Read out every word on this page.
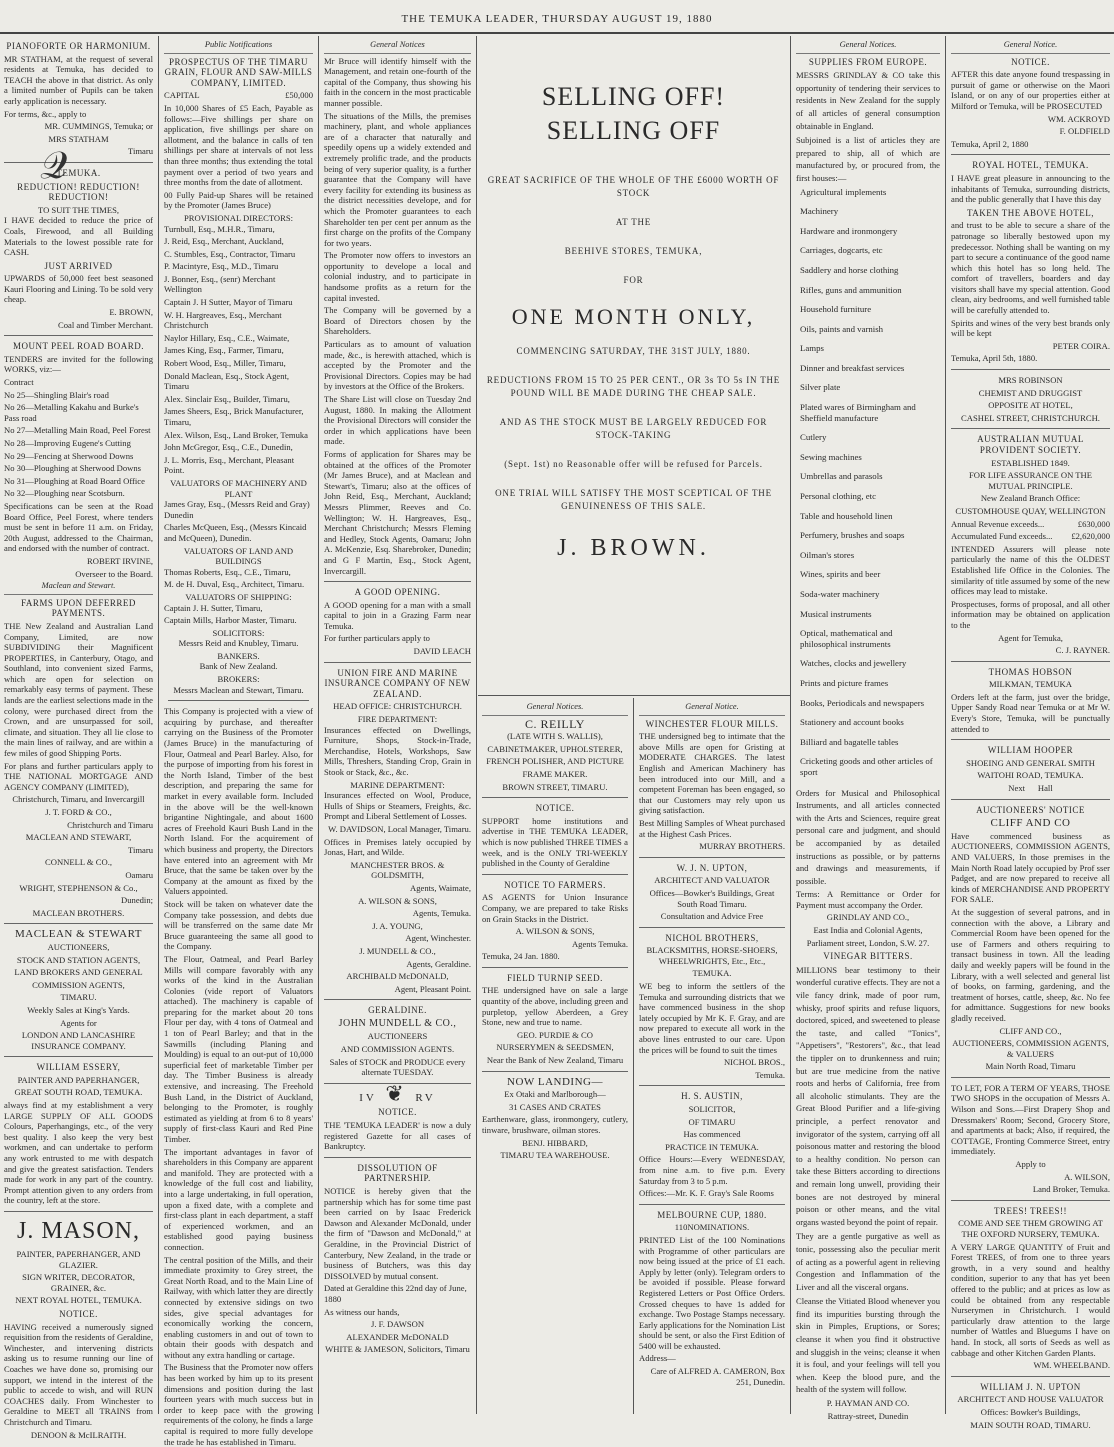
THE TEMUKA LEADER, THURSDAY AUGUST 19, 1880
PIANOFORTE OR HARMONIUM.

MR STATHAM, at the request of several residents at Temuka, has decided to TEACH the above in that district. As only a limited number of Pupils can be taken early application is necessary.

For terms, &c., apply to

MR. CUMMINGS, Temuka; or

MRS STATHAM

Timaru

𝒬
TEMUKA.
REDUCTION! REDUCTION! REDUCTION!
TO SUIT THE TIMES,

I HAVE decided to reduce the price of Coals, Firewood, and all Building Materials to the lowest possible rate for CASH.

JUST ARRIVED

UPWARDS of 50,000 feet best seasoned Kauri Flooring and Lining. To be sold very cheap.

E. BROWN,

Coal and Timber Merchant.

MOUNT PEEL ROAD BOARD.

TENDERS are invited for the following WORKS, viz:—

Contract

No 25—Shingling Blair's road

No 26—Metalling Kakahu and Burke's Pass road

No 27—Metalling Main Road, Peel Forest

No 28—Improving Eugene's Cutting

No 29—Fencing at Sherwood Downs

No 30—Ploughing at Sherwood Downs

No 31—Ploughing at Road Board Office

No 32—Ploughing near Scotsburn.

Specifications can be seen at the Road Board Office, Peel Forest, where tenders must be sent in before 11 a.m. on Friday, 20th August, addressed to the Chairman, and endorsed with the number of contract.

ROBERT IRVINE,

Overseer to the Board.

Maclean and Stewart.
FARMS UPON DEFERRED PAYMENTS.

THE New Zealand and Australian Land Company, Limited, are now SUBDIVIDING their Magnificent PROPERTIES, in Canterbury, Otago, and Southland, into convenient sized Farms, which are open for selection on remarkably easy terms of payment. These lands are the earliest selections made in the colony, were purchased direct from the Crown, and are unsurpassed for soil, climate, and situation. They all lie close to the main lines of railway, and are within a few miles of good Shipping Ports.

For plans and further particulars apply to THE NATIONAL MORTGAGE AND AGENCY COMPANY (LIMITED),

Christchurch, Timaru, and Invercargill

J. T. FORD & CO.,

Christchurch and Timaru

MACLEAN AND STEWART,

Timaru

CONNELL & CO.,

Oamaru

WRIGHT, STEPHENSON & Co.,

Dunedin;

MACLEAN BROTHERS.

MACLEAN & STEWART

AUCTIONEERS,

STOCK AND STATION AGENTS,

LAND BROKERS AND GENERAL

COMMISSION AGENTS,

TIMARU.

Weekly Sales at King's Yards.

Agents for

LONDON AND LANCASHIRE INSURANCE COMPANY.

WILLIAM ESSERY,

PAINTER AND PAPERHANGER,

GREAT SOUTH ROAD, TEMUKA.

always find at my establishment a very LARGE SUPPLY OF ALL GOODS Colours, Paperhangings, etc., of the very best quality. I also keep the very best workmen, and can undertake to perform any work entrusted to me with despatch and give the greatest satisfaction. Tenders made for work in any part of the country. Prompt attention given to any orders from the country, left at the store.

J. MASON,

PAINTER, PAPERHANGER, AND GLAZIER.

SIGN WRITER, DECORATOR, GRAINER, &c.

NEXT ROYAL HOTEL, TEMUKA.

NOTICE.

HAVING received a numerously signed requisition from the residents of Geraldine, Winchester, and intervening districts asking us to resume running our line of Coaches we have done so, promising our support, we intend in the interest of the public to accede to wish, and will RUN COACHES daily. From Winchester to Geraldine to MEET all TRAINS from Christchurch and Timaru.

DENOON & McILRAITH.

Public Notifications
PROSPECTUS OF THE TIMARU GRAIN, FLOUR AND SAW-MILLS COMPANY, LIMITED.

CAPITAL	£50,000

In 10,000 Shares of £5 Each, Payable as follows:—Five shillings per share on application, five shillings per share on allotment, and the balance in calls of ten shillings per share at intervals of not less than three months; thus extending the total payment over a period of two years and three months from the date of allotment.

00 Fully Paid-up Shares will be retained by the Promoter (James Bruce)

PROVISIONAL DIRECTORS:

Turnbull, Esq., M.H.R., Timaru,

J. Reid, Esq., Merchant, Auckland,

C. Stumbles, Esq., Contractor, Timaru

P. Macintyre, Esq., M.D., Timaru

J. Bonner, Esq., (senr) Merchant Wellington

Captain J. H Sutter, Mayor of Timaru

W. H. Hargreaves, Esq., Merchant Christchurch

Naylor Hillary, Esq., C.E., Waimate,

James King, Esq., Farmer, Timaru,

Robert Wood, Esq., Miller, Timaru,

Donald Maclean, Esq., Stock Agent, Timaru

Alex. Sinclair Esq., Builder, Timaru,

James Sheers, Esq., Brick Manufacturer, Timaru,

Alex. Wilson, Esq., Land Broker, Temuka

John McGregor, Esq., C.E., Dunedin,

J. L. Morris, Esq., Merchant, Pleasant Point.

VALUATORS OF MACHINERY AND PLANT

James Gray, Esq., (Messrs Reid and Gray) Dunedin

Charles McQueen, Esq., (Messrs Kincaid and McQueen), Dunedin.

VALUATORS OF LAND AND BUILDINGS

Thomas Roberts, Esq., C.E., Timaru,

M. de H. Duval, Esq., Architect, Timaru.

VALUATORS OF SHIPPING:

Captain J. H. Sutter, Timaru,

Captain Mills, Harbor Master, Timaru.

SOLICITORS:

Messrs Reid and Knubley, Timaru.

BANKERS.

Bank of New Zealand.

BROKERS:

Messrs Maclean and Stewart, Timaru.

This Company is projected with a view of acquiring by purchase, and thereafter carrying on the Business of the Promoter (James Bruce) in the manufacturing of Flour, Oatmeal and Pearl Barley. Also, for the purpose of importing from his forest in the North Island, Timber of the best description, and preparing the same for market in every available form. Included in the above will be the well-known brigantine Nightingale, and about 1600 acres of Freehold Kauri Bush Land in the North Island. For the acquirement of which business and property, the Directors have entered into an agreement with Mr Bruce, that the same be taken over by the Company at the amount as fixed by the Valuers appointed.

Stock will be taken on whatever date the Company take possession, and debts due will be transferred on the same date Mr Bruce guaranteeing the same all good to the Company.

The Flour, Oatmeal, and Pearl Barley Mills will compare favorably with any works of the kind in the Australian Colonies (vide report of Valuators attached). The machinery is capable of preparing for the market about 20 tons Flour per day, with 4 tons of Oatmeal and 1 ton of Pearl Barley; and that in the Sawmills (including Planing and Moulding) is equal to an out-put of 10,000 superficial feet of marketable Timber per day. The Timber Business is already extensive, and increasing. The Freehold Bush Land, in the District of Auckland, belonging to the Promoter, is roughly estimated as yielding at from 6 to 8 years' supply of first-class Kauri and Red Pine Timber.

The important advantages in favor of shareholders in this Company are apparent and manifold. They are protected with a knowledge of the full cost and liability, into a large undertaking, in full operation, upon a fixed date, with a complete and first-class plant in each department, a staff of experienced workmen, and an established good paying business connection.

The central position of the Mills, and their immediate proximity to Grey street, the Great North Road, and to the Main Line of Railway, with which latter they are directly connected by extensive sidings on two sides, give special advantages for economically working the concern, enabling customers in and out of town to obtain their goods with despatch and without any extra handling or cartage.

The Business that the Promoter now offers has been worked by him up to its present dimensions and position during the last fourteen years with much success but in order to keep pace with the growing requirements of the colony, he finds a large capital is required to more fully develope the trade he has established in Timaru.

General Notices

Mr Bruce will identify himself with the Management, and retain one-fourth of the capital of the Company, thus showing his faith in the concern in the most practicable manner possible.

The situations of the Mills, the premises machinery, plant, and whole appliances are of a character that naturally and speedily opens up a widely extended and extremely prolific trade, and the products being of very superior quality, is a further guarantee that the Company will have every facility for extending its business as the district necessities develope, and for which the Promoter guarantees to each Shareholder ten per cent per annum as the first charge on the profits of the Company for two years.

The Promoter now offers to investors an opportunity to develope a local and colonial industry, and to participate in handsome profits as a return for the capital invested.

The Company will be governed by a Board of Directors chosen by the Shareholders.

Particulars as to amount of valuation made, &c., is herewith attached, which is accepted by the Promoter and the Provisional Directors. Copies may be had by investors at the Office of the Brokers.

The Share List will close on Tuesday 2nd August, 1880. In making the Allotment the Provisional Directors will consider the order in which applications have been made.

Forms of application for Shares may be obtained at the offices of the Promoter (Mr James Bruce), and at Maclean and Stewart's, Timaru; also at the offices of John Reid, Esq., Merchant, Auckland; Messrs Plimmer, Reeves and Co. Wellington; W. H. Hargreaves, Esq., Merchant Christchurch; Messrs Fleming and Hedley, Stock Agents, Oamaru; John A. McKenzie, Esq. Sharebroker, Dunedin; and G F Martin, Esq., Stock Agent, Invercargill.

A GOOD OPENING.

A GOOD opening for a man with a small capital to join in a Grazing Farm near Temuka.

For further particulars apply to

DAVID LEACH

UNION FIRE AND MARINE INSURANCE COMPANY OF NEW ZEALAND.

HEAD OFFICE: CHRISTCHURCH.

FIRE DEPARTMENT:

Insurances effected on Dwellings, Furniture, Shops, Stock-in-Trade, Merchandise, Hotels, Workshops, Saw Mills, Threshers, Standing Crop, Grain in Stook or Stack, &c., &c.

MARINE DEPARTMENT:

Insurances effected on Wool, Produce, Hulls of Ships or Steamers, Freights, &c. Prompt and Liberal Settlement of Losses.

W. DAVIDSON, Local Manager, Timaru.

Offices in Premises lately occupied by Jonas, Hart, and Wilde.

MANCHESTER BROS. & GOLDSMITH,

Agents, Waimate,

A. WILSON & SONS,

Agents, Temuka.

J. A. YOUNG,

Agent, Winchester.

J. MUNDELL & CO.,

Agents, Geraldine.

ARCHIBALD McDONALD,

Agent, Pleasant Point.

GERALDINE.
JOHN MUNDELL & CO.,

AUCTIONEERS

AND COMMISSION AGENTS.

Sales of STOCK and PRODUCE every alternate TUESDAY.

IV ❦ RV
NOTICE.

THE 'TEMUKA LEADER' is now a duly registered Gazette for all cases of Bankruptcy.

DISSOLUTION OF PARTNERSHIP.

NOTICE is hereby given that the partnership which has for some time past been carried on by Isaac Frederick Dawson and Alexander McDonald, under the firm of "Dawson and McDonald," at Geraldine, in the Provincial District of Canterbury, New Zealand, in the trade or business of Butchers, was this day DISSOLVED by mutual consent.

Dated at Geraldine this 22nd day of June, 1880

As witness our hands,

J. F. DAWSON

ALEXANDER McDONALD

WHITE & JAMESON, Solicitors, Timaru

SELLING OFF! SELLING OFF
GREAT SACRIFICE OF THE WHOLE OF THE £6000 WORTH OF STOCK
AT THE
BEEHIVE STORES, TEMUKA,
FOR
ONE MONTH ONLY,
COMMENCING SATURDAY, THE 31ST JULY, 1880.
REDUCTIONS FROM 15 TO 25 PER CENT., OR 3s TO 5s IN THE POUND WILL BE MADE DURING THE CHEAP SALE.
AND AS THE STOCK MUST BE LARGELY REDUCED FOR STOCK-TAKING
(Sept. 1st) no Reasonable offer will be refused for Parcels.
ONE TRIAL WILL SATISFY THE MOST SCEPTICAL OF THE GENUINENESS OF THIS SALE.
J. BROWN.
General Notices.
C. REILLY

(LATE WITH S. WALLIS),

CABINETMAKER, UPHOLSTERER,

FRENCH POLISHER, AND PICTURE

FRAME MAKER.

BROWN STREET, TIMARU.

NOTICE.

SUPPORT home institutions and advertise in THE TEMUKA LEADER, which is now published THREE TIMES a week, and is the ONLY TRI-WEEKLY published in the County of Geraldine

NOTICE TO FARMERS.

AS AGENTS for Union Insurance Company, we are prepared to take Risks on Grain Stacks in the District.

A. WILSON & SONS,

Agents Temuka.

Temuka, 24 Jan. 1880.

FIELD TURNIP SEED.

THE undersigned have on sale a large quantity of the above, including green and purpletop, yellow Aberdeen, a Grey Stone, new and true to name.

GEO. PURDIE & CO

NURSERYMEN & SEEDSMEN,

Near the Bank of New Zealand, Timaru

NOW LANDING—

Ex Otaki and Marlborough—

31 CASES AND CRATES

Earthenware, glass, ironmongery, cutlery, tinware, brushware, oilman stores.

BENJ. HIBBARD,

TIMARU TEA WAREHOUSE.

General Notice.
WINCHESTER FLOUR MILLS.

THE undersigned beg to intimate that the above Mills are open for Gristing at MODERATE CHARGES. The latest English and American Machinery has been introduced into our Mill, and a competent Foreman has been engaged, so that our Customers may rely upon us giving satisfaction.

Best Milling Samples of Wheat purchased at the Highest Cash Prices.

MURRAY BROTHERS.

W. J. N. UPTON,

ARCHITECT AND VALUATOR

Offices—Bowker's Buildings, Great South Road Timaru.

Consultation and Advice Free

NICHOL BROTHERS,

BLACKSMITHS, HORSE-SHOERS, WHEELWRIGHTS, Etc., Etc.,

TEMUKA.

WE beg to inform the settlers of the Temuka and surrounding districts that we have commenced business in the shop lately occupied by Mr K. F. Gray, and are now prepared to execute all work in the above lines entrusted to our care. Upon the prices will be found to suit the times

NICHOL BROS.,

Temuka.

H. S. AUSTIN,

SOLICITOR,

OF TIMARU

Has commenced

PRACTICE IN TEMUKA.

Office Hours:—Every WEDNESDAY, from nine a.m. to five p.m. Every Saturday from 3 to 5 p.m.

Offices:—Mr. K. F. Gray's Sale Rooms

MELBOURNE CUP, 1880.

110NOMINATIONS.

PRINTED List of the 100 Nominations with Programme of other particulars are now being issued at the price of £1 each. Apply by letter (only). Telegram orders to be avoided if possible. Please forward Registered Letters or Post Office Orders. Crossed cheques to have 1s added for exchange. Two Postage Stamps necessary. Early applications for the Nomination List should be sent, or also the First Edition of 5400 will be exhausted.

Address—

Care of ALFRED A. CAMERON, Box 251, Dunedin.

General Notices.
SUPPLIES FROM EUROPE.

MESSRS GRINDLAY & CO take this opportunity of tendering their services to residents in New Zealand for the supply of all articles of general consumption obtainable in England.

Subjoined is a list of articles they are prepared to ship, all of which are manufactured by, or procured from, the first houses:—

Agricultural implements

Machinery

Hardware and ironmongery

Carriages, dogcarts, etc

Saddlery and horse clothing

Rifles, guns and ammunition

Household furniture

Oils, paints and varnish

Lamps

Dinner and breakfast services

Silver plate

Plated wares of Birmingham and Sheffield manufacture

Cutlery

Sewing machines

Umbrellas and parasols

Personal clothing, etc

Table and household linen

Perfumery, brushes and soaps

Oilman's stores

Wines, spirits and beer

Soda-water machinery

Musical instruments

Optical, mathematical and philosophical instruments

Watches, clocks and jewellery

Prints and picture frames

Books, Periodicals and newspapers

Stationery and account books

Billiard and bagatelle tables

Cricketing goods and other articles of sport

Orders for Musical and Philosophical Instruments, and all articles connected with the Arts and Sciences, require great personal care and judgment, and should be accompanied by as detailed instructions as possible, or by patterns and drawings and measurements, if possible.

Terms: A Remittance or Order for Payment must accompany the Order.

GRINDLAY AND CO.,

East India and Colonial Agents,

Parliament street, London, S.W. 27.

VINEGAR BITTERS.

MILLIONS bear testimony to their wonderful curative effects. They are not a vile fancy drink, made of poor rum, whisky, proof spirits and refuse liquors, doctored, spiced, and sweetened to please the taste, and called "Tonics", "Appetisers", "Restorers", &c., that lead the tippler on to drunkenness and ruin; but are true medicine from the native roots and herbs of California, free from all alcoholic stimulants. They are the Great Blood Purifier and a life-giving principle, a perfect renovator and invigorator of the system, carrying off all poisonous matter and restoring the blood to a healthy condition. No person can take these Bitters according to directions and remain long unwell, providing their bones are not destroyed by mineral poison or other means, and the vital organs wasted beyond the point of repair.

They are a gentle purgative as well as tonic, possessing also the peculiar merit of acting as a powerful agent in relieving Congestion and Inflammation of the Liver and all the visceral organs.

Cleanse the Vitiated Blood whenever you find its impurities bursting through the skin in Pimples, Eruptions, or Sores; cleanse it when you find it obstructive and sluggish in the veins; cleanse it when it is foul, and your feelings will tell you when. Keep the blood pure, and the health of the system will follow.

P. HAYMAN AND CO.

Rattray-street, Dunedin

General Notice.
NOTICE.

AFTER this date anyone found trespassing in pursuit of game or otherwise on the Maori Island, or on any of our properties either at Milford or Temuka, will be PROSECUTED

WM. ACKROYD

F. OLDFIELD

Temuka, April 2, 1880

ROYAL HOTEL, TEMUKA.

I HAVE great pleasure in announcing to the inhabitants of Temuka, surrounding districts, and the public generally that I have this day

TAKEN THE ABOVE HOTEL,

and trust to be able to secure a share of the patronage so liberally bestowed upon my predecessor. Nothing shall be wanting on my part to secure a continuance of the good name which this hotel has so long held. The comfort of travellers, boarders and day visitors shall have my special attention. Good clean, airy bedrooms, and well furnished table will be carefully attended to.

Spirits and wines of the very best brands only will be kept

PETER COIRA.

Temuka, April 5th, 1880.

MRS ROBINSON

CHEMIST AND DRUGGIST

OPPOSITE AT HOTEL,

CASHEL STREET, CHRISTCHURCH.

AUSTRALIAN MUTUAL PROVIDENT SOCIETY.

ESTABLISHED 1849.

FOR LIFE ASSURANCE ON THE MUTUAL PRINCIPLE.

New Zealand Branch Office:

CUSTOMHOUSE QUAY, WELLINGTON

Annual Revenue exceeds...	£630,000

Accumulated Fund exceeds... £2,620,000

INTENDED Assurers will please note particularly the name of this the OLDEST Established life Office in the Colonies. The similarity of title assumed by some of the new offices may lead to mistake.

Prospectuses, forms of proposal, and all other information may be obtained on application to the

Agent for Temuka,

C. J. RAYNER.

THOMAS HOBSON

MILKMAN, TEMUKA

Orders left at the farm, just over the bridge, Upper Sandy Road near Temuka or at Mr W. Every's Store, Temuka, will be punctually attended to

WILLIAM HOOPER

SHOEING AND GENERAL SMITH

WAITOHI ROAD, TEMUKA.

Next Hall

AUCTIONEERS' NOTICE
CLIFF AND CO

Have commenced business as AUCTIONEERS, COMMISSION AGENTS, AND VALUERS, In those premises in the Main North Road lately occupied by Prof sser Padget, and are now prepared to receive all kinds of MERCHANDISE AND PROPERTY FOR SALE.

At the suggestion of several patrons, and in connection with the above, a Library and Commercial Room have been opened for the use of Farmers and others requiring to transact business in town. All the leading daily and weekly papers will be found in the Library, with a well selected and general list of books, on farming, gardening, and the treatment of horses, cattle, sheep, &c. No fee for admittance. Suggestions for new books gladly received.

CLIFF AND CO.,

AUCTIONEERS, COMMISSION AGENTS, & VALUERS

Main North Road, Timaru

TO LET, FOR A TERM OF YEARS, THOSE TWO SHOPS in the occupation of Messrs A. Wilson and Sons.—First Drapery Shop and Dressmakers' Room; Second, Grocery Store, and apartments at back; Also, if required, the COTTAGE, Fronting Commerce Street, entry immediately.

Apply to

A. WILSON,

Land Broker, Temuka.

TREES! TREES!!

COME AND SEE THEM GROWING AT THE OXFORD NURSERY, TEMUKA.

A VERY LARGE QUANTITY of Fruit and Forest TREES, of from one to three years growth, in a very sound and healthy condition, superior to any that has yet been offered to the public; and at prices as low as could be obtained from any respectable Nurserymen in Christchurch. I would particularly draw attention to the large number of Wattles and Bluegums I have on hand. In stock, all sorts of Seeds as well as cabbage and other Kitchen Garden Plants.

WM. WHEELBAND.

WILLIAM J. N. UPTON

ARCHITECT AND HOUSE VALUATOR

Offices: Bowker's Buildings,

MAIN SOUTH ROAD, TIMARU.
